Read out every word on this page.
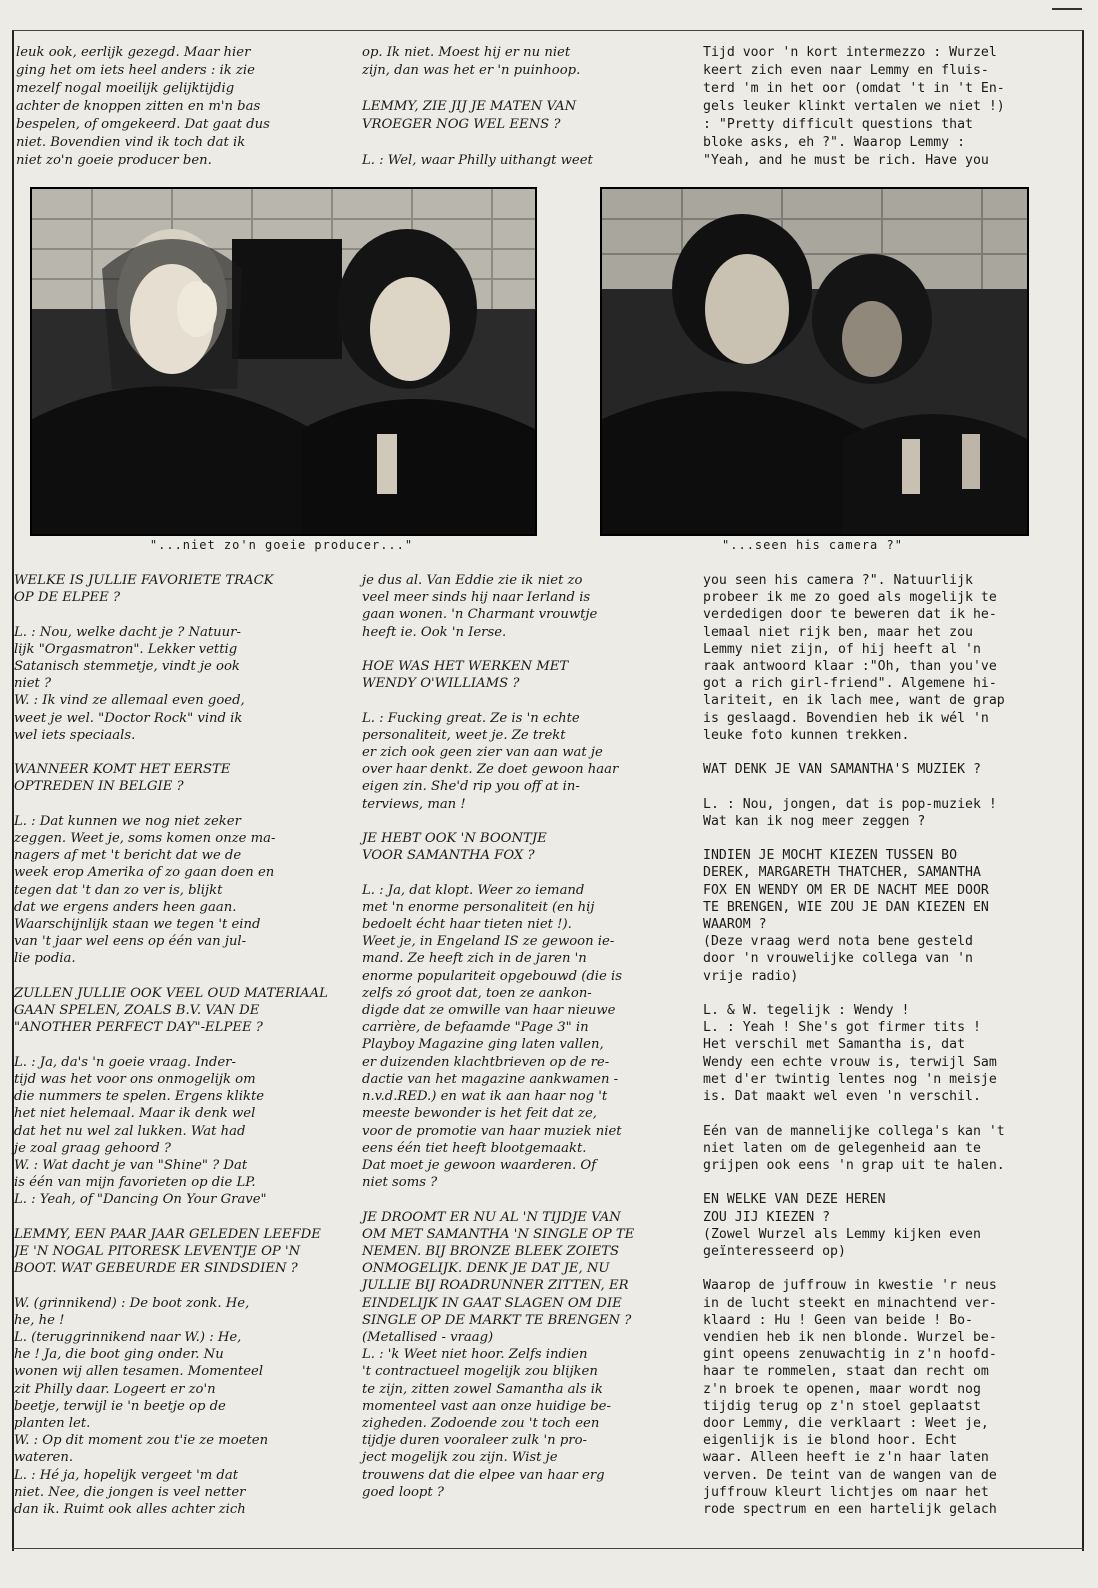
leuk ook, eerlijk gezegd. Maar hier

ging het om iets heel anders : ik zie

mezelf nogal moeilijk gelijktijdig

achter de knoppen zitten en m'n bas

bespelen, of omgekeerd. Dat gaat dus

niet. Bovendien vind ik toch dat ik

niet zo'n goeie producer ben.

op. Ik niet. Moest hij er nu niet

zijn, dan was het er 'n puinhoop.

LEMMY, ZIE JIJ JE MATEN VAN

VROEGER NOG WEL EENS ?

L. : Wel, waar Philly uithangt weet

Tijd voor 'n kort intermezzo : Wurzel

keert zich even naar Lemmy en fluis-

terd 'm in het oor (omdat 't in 't En-

gels leuker klinkt vertalen we niet !)

: "Pretty difficult questions that

bloke asks, eh ?". Waarop Lemmy :

"Yeah, and he must be rich. Have you

"...niet zo'n goeie producer..."	"...seen his camera ?"

WELKE IS JULLIE FAVORIETE TRACK

OP DE ELPEE ?

L. : Nou, welke dacht je ? Natuur-

lijk "Orgasmatron". Lekker vettig

Satanisch stemmetje, vindt je ook

niet ?

W. : Ik vind ze allemaal even goed,

weet je wel. "Doctor Rock" vind ik

wel iets speciaals.

WANNEER KOMT HET EERSTE

OPTREDEN IN BELGIE ?

L. : Dat kunnen we nog niet zeker

zeggen. Weet je, soms komen onze ma-

nagers af met 't bericht dat we de

week erop Amerika of zo gaan doen en

tegen dat 't dan zo ver is, blijkt

dat we ergens anders heen gaan.

Waarschijnlijk staan we tegen 't eind

van 't jaar wel eens op één van jul-

lie podia.

ZULLEN JULLIE OOK VEEL OUD MATERIAAL

GAAN SPELEN, ZOALS B.V. VAN DE

"ANOTHER PERFECT DAY"-ELPEE ?

L. : Ja, da's 'n goeie vraag. Inder-

tijd was het voor ons onmogelijk om

die nummers te spelen. Ergens klikte

het niet helemaal. Maar ik denk wel

dat het nu wel zal lukken. Wat had

je zoal graag gehoord ?

W. : Wat dacht je van "Shine" ? Dat

is één van mijn favorieten op die LP.

L. : Yeah, of "Dancing On Your Grave"

LEMMY, EEN PAAR JAAR GELEDEN LEEFDE

JE 'N NOGAL PITORESK LEVENTJE OP 'N

BOOT. WAT GEBEURDE ER SINDSDIEN ?

W. (grinnikend) : De boot zonk. He,

he, he !

L. (teruggrinnikend naar W.) : He,

he ! Ja, die boot ging onder. Nu

wonen wij allen tesamen. Momenteel

zit Philly daar. Logeert er zo'n

beetje, terwijl ie 'n beetje op de

planten let.

W. : Op dit moment zou t'ie ze moeten

wateren.

L. : Hé ja, hopelijk vergeet 'm dat

niet. Nee, die jongen is veel netter

dan ik. Ruimt ook alles achter zich

je dus al. Van Eddie zie ik niet zo

veel meer sinds hij naar Ierland is

gaan wonen. 'n Charmant vrouwtje

heeft ie. Ook 'n Ierse.

HOE WAS HET WERKEN MET

WENDY O'WILLIAMS ?

L. : Fucking great. Ze is 'n echte

personaliteit, weet je. Ze trekt

er zich ook geen zier van aan wat je

over haar denkt. Ze doet gewoon haar

eigen zin. She'd rip you off at in-

terviews, man !

JE HEBT OOK 'N BOONTJE

VOOR SAMANTHA FOX ?

L. : Ja, dat klopt. Weer zo iemand

met 'n enorme personaliteit (en hij

bedoelt écht haar tieten niet !).

Weet je, in Engeland IS ze gewoon ie-

mand. Ze heeft zich in de jaren 'n

enorme populariteit opgebouwd (die is

zelfs zó groot dat, toen ze aankon-

digde dat ze omwille van haar nieuwe

carrière, de befaamde "Page 3" in

Playboy Magazine ging laten vallen,

er duizenden klachtbrieven op de re-

dactie van het magazine aankwamen -

n.v.d.RED.) en wat ik aan haar nog 't

meeste bewonder is het feit dat ze,

voor de promotie van haar muziek niet

eens één tiet heeft blootgemaakt.

Dat moet je gewoon waarderen. Of

niet soms ?

JE DROOMT ER NU AL 'N TIJDJE VAN

OM MET SAMANTHA 'N SINGLE OP TE

NEMEN. BIJ BRONZE BLEEK ZOIETS

ONMOGELIJK. DENK JE DAT JE, NU

JULLIE BIJ ROADRUNNER ZITTEN, ER

EINDELIJK IN GAAT SLAGEN OM DIE

SINGLE OP DE MARKT TE BRENGEN ?

(Metallised - vraag)

L. : 'k Weet niet hoor. Zelfs indien

't contractueel mogelijk zou blijken

te zijn, zitten zowel Samantha als ik

momenteel vast aan onze huidige be-

zigheden. Zodoende zou 't toch een

tijdje duren vooraleer zulk 'n pro-

ject mogelijk zou zijn. Wist je

trouwens dat die elpee van haar erg

goed loopt ?

you seen his camera ?". Natuurlijk

probeer ik me zo goed als mogelijk te

verdedigen door te beweren dat ik he-

lemaal niet rijk ben, maar het zou

Lemmy niet zijn, of hij heeft al 'n

raak antwoord klaar :"Oh, than you've

got a rich girl-friend". Algemene hi-

lariteit, en ik lach mee, want de grap

is geslaagd. Bovendien heb ik wél 'n

leuke foto kunnen trekken.

WAT DENK JE VAN SAMANTHA'S MUZIEK ?

L. : Nou, jongen, dat is pop-muziek !

Wat kan ik nog meer zeggen ?

INDIEN JE MOCHT KIEZEN TUSSEN BO

DEREK, MARGARETH THATCHER, SAMANTHA

FOX EN WENDY OM ER DE NACHT MEE DOOR

TE BRENGEN, WIE ZOU JE DAN KIEZEN EN

WAAROM ?

(Deze vraag werd nota bene gesteld

door 'n vrouwelijke collega van 'n

vrije radio)

L. & W. tegelijk : Wendy !

L. : Yeah ! She's got firmer tits !

Het verschil met Samantha is, dat

Wendy een echte vrouw is, terwijl Sam

met d'er twintig lentes nog 'n meisje

is. Dat maakt wel even 'n verschil.

Eén van de mannelijke collega's kan 't

niet laten om de gelegenheid aan te

grijpen ook eens 'n grap uit te halen.

EN WELKE VAN DEZE HEREN

ZOU JIJ KIEZEN ?

(Zowel Wurzel als Lemmy kijken even

geïnteresseerd op)

Waarop de juffrouw in kwestie 'r neus

in de lucht steekt en minachtend ver-

klaard : Hu ! Geen van beide ! Bo-

vendien heb ik nen blonde. Wurzel be-

gint opeens zenuwachtig in z'n hoofd-

haar te rommelen, staat dan recht om

z'n broek te openen, maar wordt nog

tijdig terug op z'n stoel geplaatst

door Lemmy, die verklaart : Weet je,

eigenlijk is ie blond hoor. Echt

waar. Alleen heeft ie z'n haar laten

verven. De teint van de wangen van de

juffrouw kleurt lichtjes om naar het

rode spectrum en een hartelijk gelach
